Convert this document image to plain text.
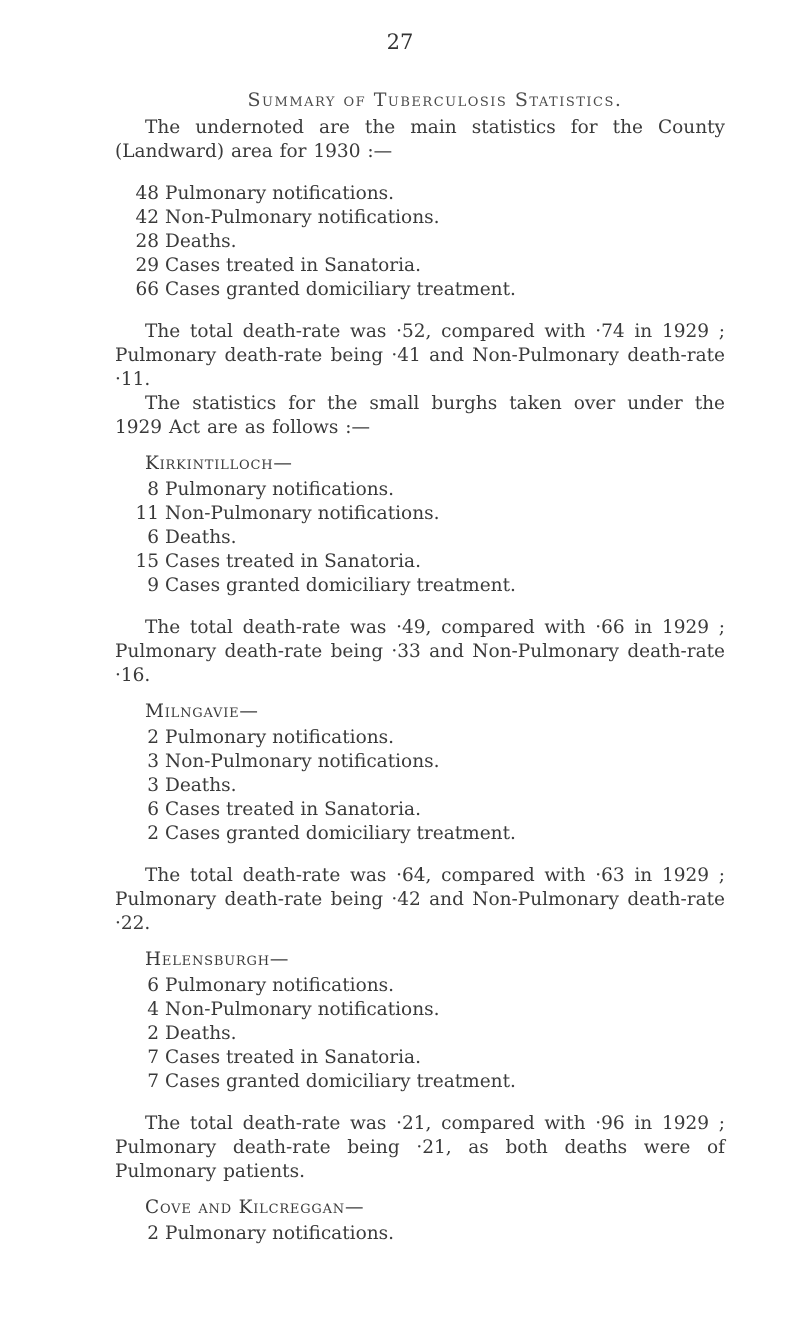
27
Summary of Tuberculosis Statistics.

The undernoted are the main statistics for the County (Landward) area for 1930 :—

48 Pulmonary notifications.
42 Non-Pulmonary notifications.
28 Deaths.
29 Cases treated in Sanatoria.
66 Cases granted domiciliary treatment.

The total death-rate was ·52, compared with ·74 in 1929 ; Pulmonary death-rate being ·41 and Non-Pulmonary death-rate ·11.

The statistics for the small burghs taken over under the 1929 Act are as follows :—

Kirkintilloch—
8 Pulmonary notifications.
11 Non-Pulmonary notifications.
6 Deaths.
15 Cases treated in Sanatoria.
9 Cases granted domiciliary treatment.

The total death-rate was ·49, compared with ·66 in 1929 ; Pulmonary death-rate being ·33 and Non-Pulmonary death-rate ·16.

Milngavie—
2 Pulmonary notifications.
3 Non-Pulmonary notifications.
3 Deaths.
6 Cases treated in Sanatoria.
2 Cases granted domiciliary treatment.

The total death-rate was ·64, compared with ·63 in 1929 ; Pulmonary death-rate being ·42 and Non-Pulmonary death-rate ·22.

Helensburgh—
6 Pulmonary notifications.
4 Non-Pulmonary notifications.
2 Deaths.
7 Cases treated in Sanatoria.
7 Cases granted domiciliary treatment.

The total death-rate was ·21, compared with ·96 in 1929 ; Pulmonary death-rate being ·21, as both deaths were of Pulmonary patients.

Cove and Kilcreggan—
2 Pulmonary notifications.
